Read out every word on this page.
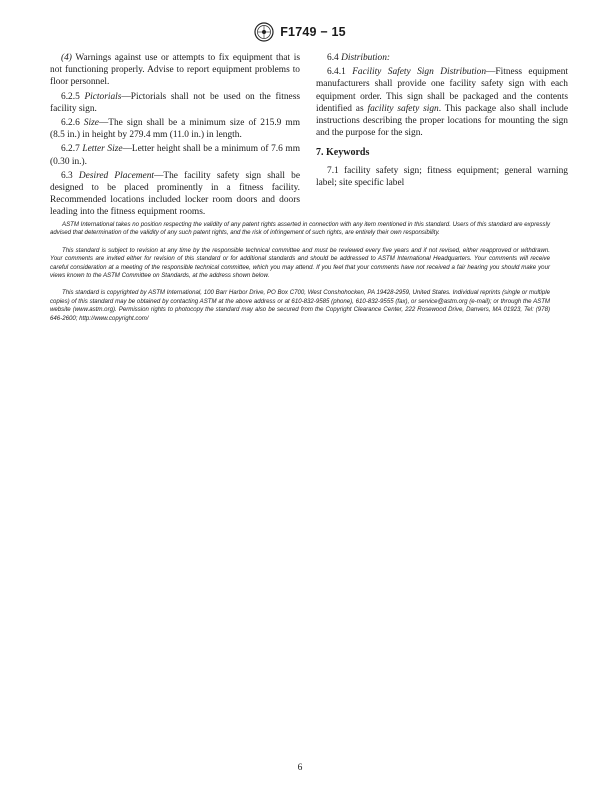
F1749 − 15

(4) Warnings against use or attempts to fix equipment that is not functioning properly. Advise to report equipment problems to floor personnel.

6.2.5 Pictorials—Pictorials shall not be used on the fitness facility sign.

6.2.6 Size—The sign shall be a minimum size of 215.9 mm (8.5 in.) in height by 279.4 mm (11.0 in.) in length.

6.2.7 Letter Size—Letter height shall be a minimum of 7.6 mm (0.30 in.).

6.3 Desired Placement—The facility safety sign shall be designed to be placed prominently in a fitness facility. Recommended locations included locker room doors and doors leading into the fitness equipment rooms.

6.4 Distribution:

6.4.1 Facility Safety Sign Distribution—Fitness equipment manufacturers shall provide one facility safety sign with each equipment order. This sign shall be packaged and the contents identified as facility safety sign. This package also shall include instructions describing the proper locations for mounting the sign and the purpose for the sign.

7. Keywords

7.1 facility safety sign; fitness equipment; general warning label; site specific label

ASTM International takes no position respecting the validity of any patent rights asserted in connection with any item mentioned in this standard. Users of this standard are expressly advised that determination of the validity of any such patent rights, and the risk of infringement of such rights, are entirely their own responsibility.

This standard is subject to revision at any time by the responsible technical committee and must be reviewed every five years and if not revised, either reapproved or withdrawn. Your comments are invited either for revision of this standard or for additional standards and should be addressed to ASTM International Headquarters. Your comments will receive careful consideration at a meeting of the responsible technical committee, which you may attend. If you feel that your comments have not received a fair hearing you should make your views known to the ASTM Committee on Standards, at the address shown below.

This standard is copyrighted by ASTM International, 100 Barr Harbor Drive, PO Box C700, West Conshohocken, PA 19428-2959, United States. Individual reprints (single or multiple copies) of this standard may be obtained by contacting ASTM at the above address or at 610-832-9585 (phone), 610-832-9555 (fax), or service@astm.org (e-mail); or through the ASTM website (www.astm.org). Permission rights to photocopy the standard may also be secured from the Copyright Clearance Center, 222 Rosewood Drive, Danvers, MA 01923, Tel: (978) 646-2600; http://www.copyright.com/

6
